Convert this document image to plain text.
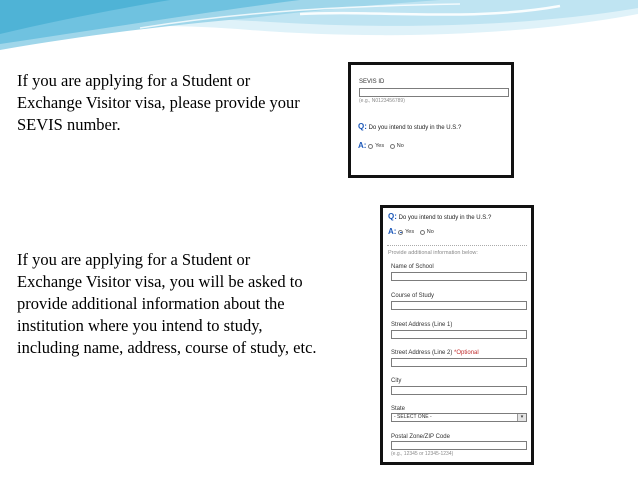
If you are applying for a Student or Exchange Visitor visa, please provide your SEVIS number.
If you are applying for a Student or Exchange Visitor visa, you will be asked to provide additional information about the institution where you intend to study, including name, address, course of study, etc.
SEVIS ID
(e.g., N0123456789)
Q: Do you intend to study in the U.S.?
A: Yes No
Q: Do you intend to study in the U.S.?
A: Yes No
Provide additional information below:
Name of School
Course of Study
Street Address (Line 1)
Street Address (Line 2) *Optional
City
State
- SELECT ONE -	▾
Postal Zone/ZIP Code
(e.g., 12345 or 12345-1234)
